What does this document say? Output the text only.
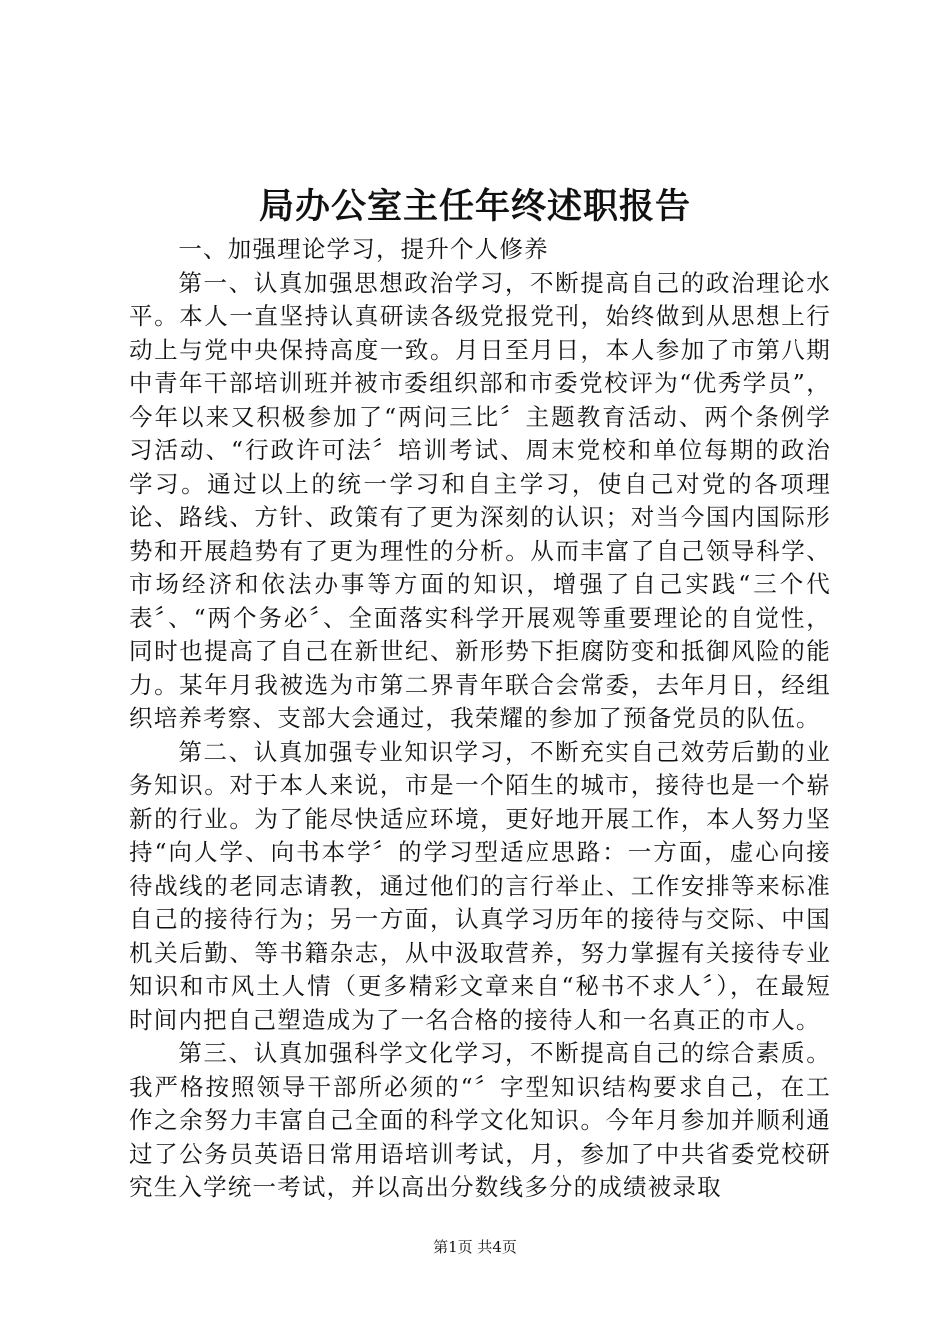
局办公室主任年终述职报告

一、加强理论学习，提升个人修养

第一、认真加强思想政治学习，不断提高自己的政治理论水平。本人一直坚持认真研读各级党报党刊，始终做到从思想上行动上与党中央保持高度一致。月日至月日，本人参加了市第八期中青年干部培训班并被市委组织部和市委党校评为“优秀学员”，今年以来又积极参加了“两问三比〞主题教育活动、两个条例学习活动、“行政许可法〞培训考试、周末党校和单位每期的政治学习。通过以上的统一学习和自主学习，使自己对党的各项理论、路线、方针、政策有了更为深刻的认识；对当今国内国际形势和开展趋势有了更为理性的分析。从而丰富了自己领导科学、市场经济和依法办事等方面的知识，增强了自己实践“三个代表〞、“两个务必〞、全面落实科学开展观等重要理论的自觉性，同时也提高了自己在新世纪、新形势下拒腐防变和抵御风险的能力。某年月我被选为市第二界青年联合会常委，去年月日，经组织培养考察、支部大会通过，我荣耀的参加了预备党员的队伍。

第二、认真加强专业知识学习，不断充实自己效劳后勤的业务知识。对于本人来说，市是一个陌生的城市，接待也是一个崭新的行业。为了能尽快适应环境，更好地开展工作，本人努力坚持“向人学、向书本学〞的学习型适应思路：一方面，虚心向接待战线的老同志请教，通过他们的言行举止、工作安排等来标准自己的接待行为；另一方面，认真学习历年的接待与交际、中国机关后勤、等书籍杂志，从中汲取营养，努力掌握有关接待专业知识和市风土人情（更多精彩文章来自“秘书不求人〞），在最短时间内把自己塑造成为了一名合格的接待人和一名真正的市人。

第三、认真加强科学文化学习，不断提高自己的综合素质。我严格按照领导干部所必须的“〞字型知识结构要求自己，在工作之余努力丰富自己全面的科学文化知识。今年月参加并顺利通过了公务员英语日常用语培训考试，月，参加了中共省委党校研究生入学统一考试，并以高出分数线多分的成绩被录取

第1页 共4页
